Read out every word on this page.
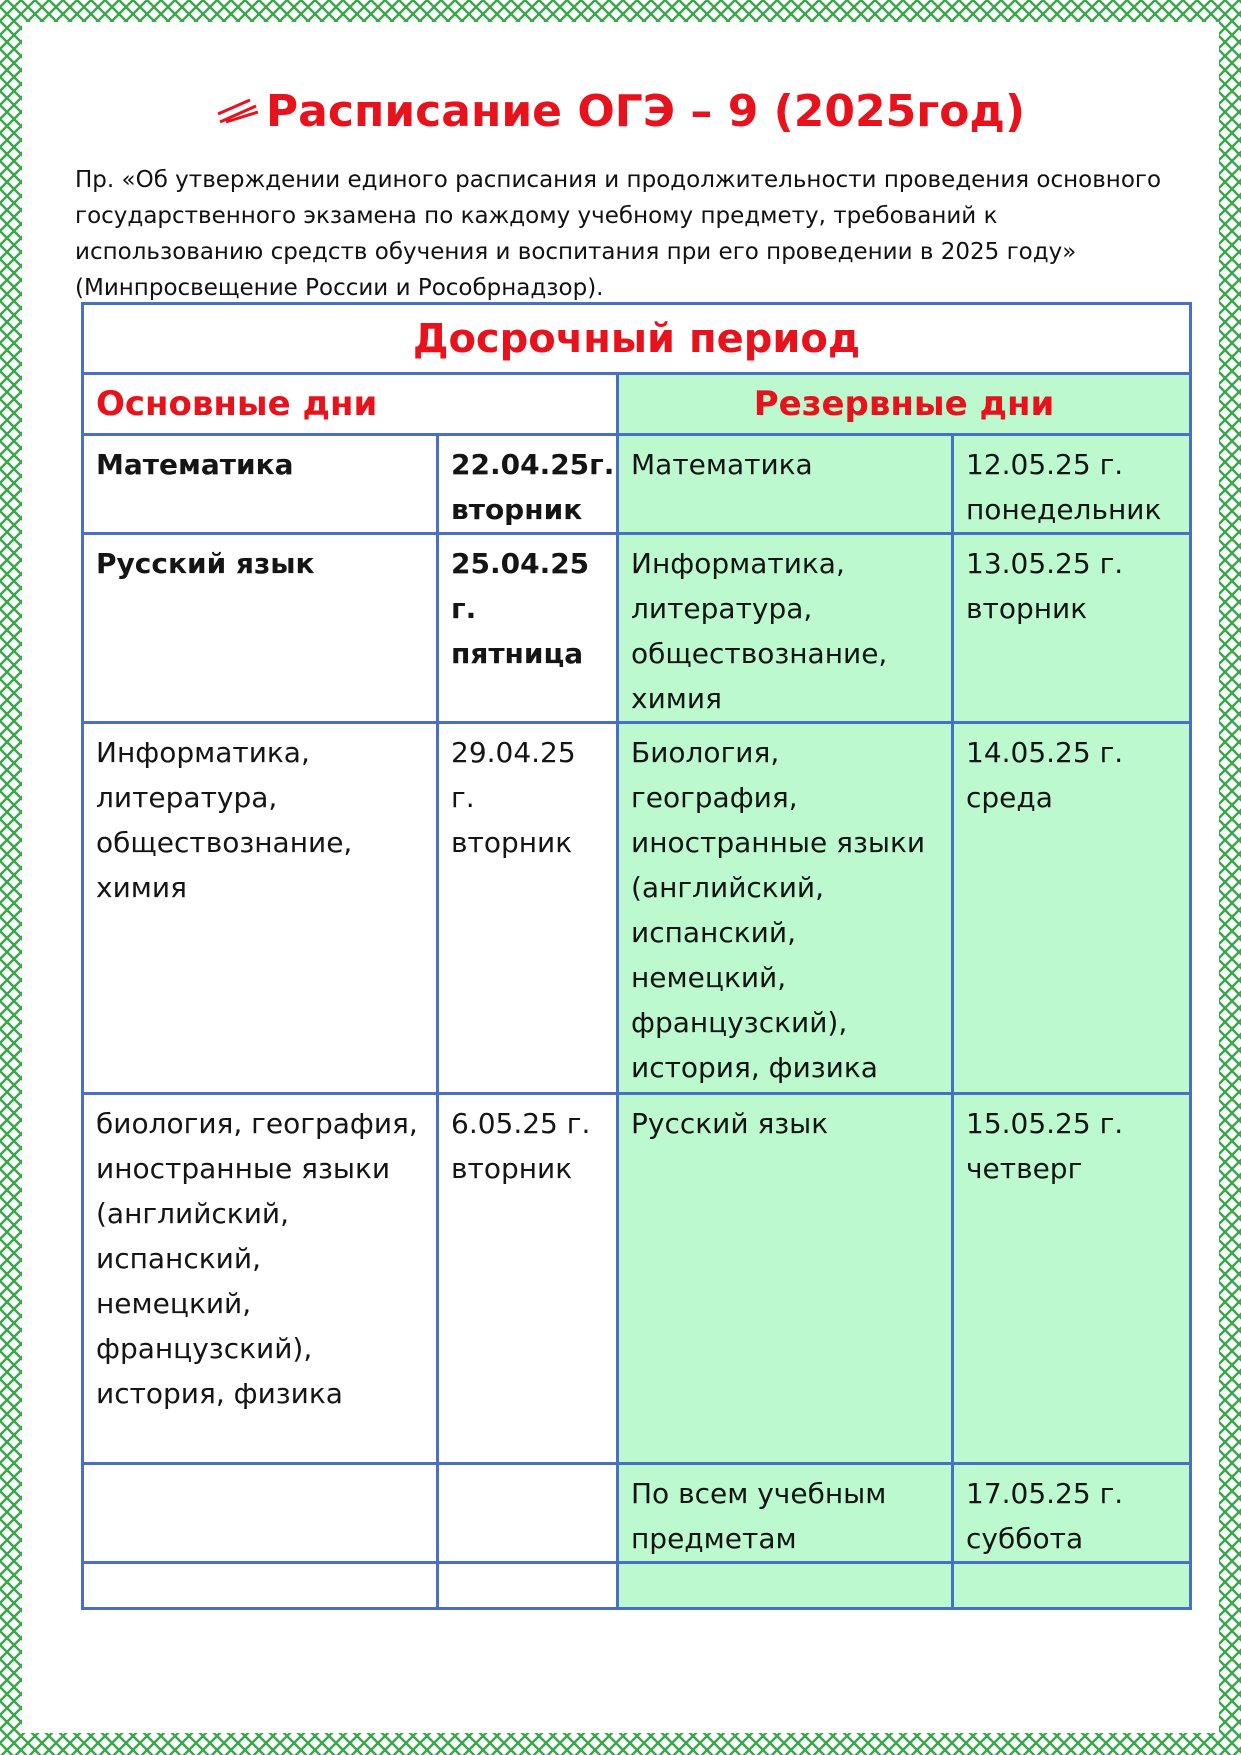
Расписание ОГЭ – 9 (2025год)
Пр. «Об утверждении единого расписания и продолжительности проведения основного государственного экзамена по каждому учебному предмету, требований к использованию средств обучения и воспитания при его проведении в 2025 году» (Минпросвещение России и Рособрнадзор).
Досрочный период			
Основные дни		Резервные дни	
Математика	22.04.25г. вторник	Математика	12.05.25 г. понедельник
Русский язык	25.04.25 г. пятница	Информатика, литература, обществознание, химия	13.05.25 г. вторник
Информатика, литература, обществознание, химия	29.04.25 г. вторник	Биология, география, иностранные языки (английский, испанский, немецкий, французский), история, физика	14.05.25 г. среда
биология, география, иностранные языки (английский, испанский, немецкий, французский), история, физика	6.05.25 г. вторник	Русский язык	15.05.25 г. четверг
		По всем учебным предметам	17.05.25 г. суббота
